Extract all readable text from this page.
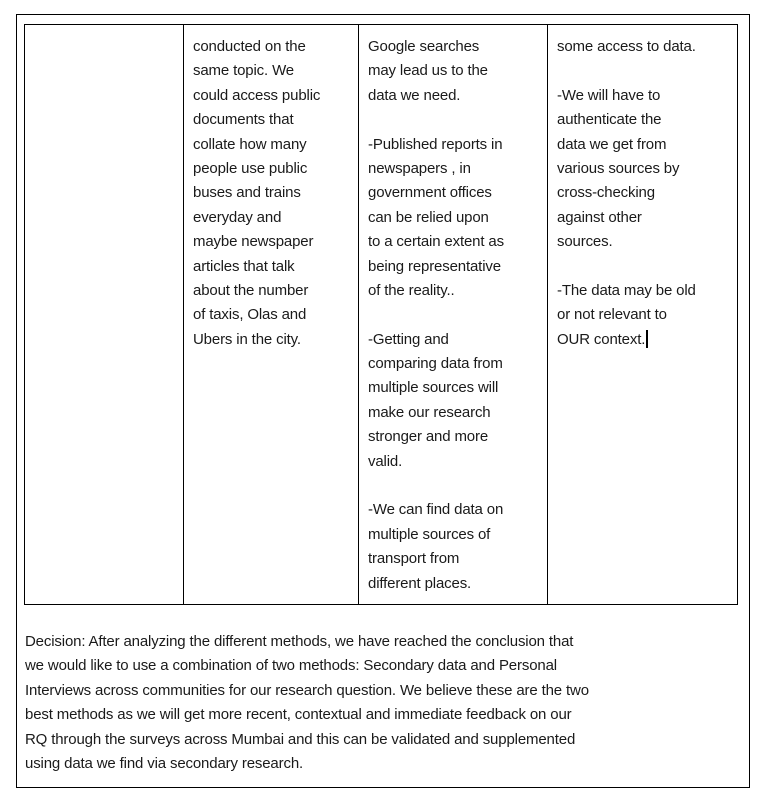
conducted on the
same topic. We
could access public
documents that
collate how many
people use public
buses and trains
everyday and
maybe newspaper
articles that talk
about the number
of taxis, Olas and
Ubers in the city.
Google searches
may lead us to the
data we need.
-Published reports in
newspapers , in
government offices
can be relied upon
to a certain extent as
being representative
of the reality..
-Getting and
comparing data from
multiple sources will
make our research
stronger and more
valid.
-We can find data on
multiple sources of
transport from
different places.
some access to data.
-We will have to
authenticate the
data we get from
various sources by
cross-checking
against other
sources.
-The data may be old
or not relevant to
OUR context.
Decision: After analyzing the different methods, we have reached the conclusion that
we would like to use a combination of two methods: Secondary data and Personal
Interviews across communities for our research question. We believe these are the two
best methods as we will get more recent, contextual and immediate feedback on our
RQ through the surveys across Mumbai and this can be validated and supplemented
using data we find via secondary research.
